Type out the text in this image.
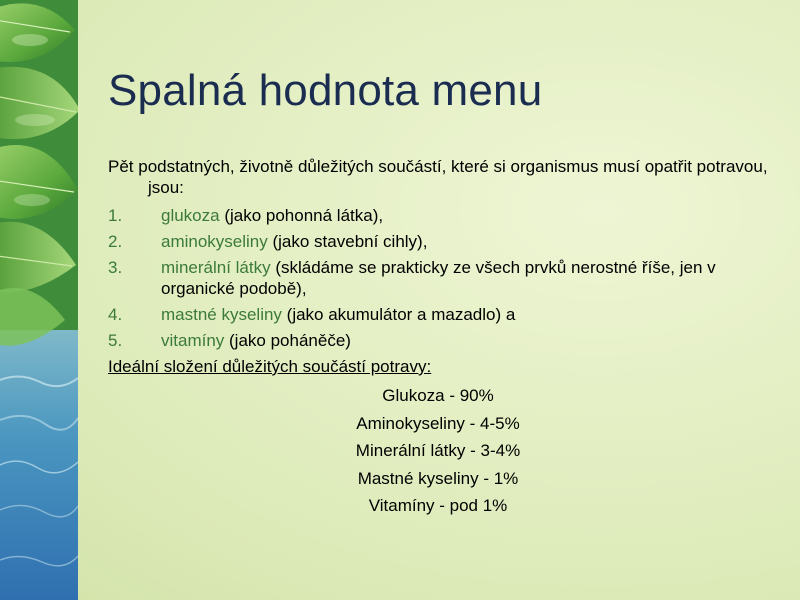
Spalná hodnota menu

Pět podstatných, životně důležitých součástí, které si organismus musí opatřit potravou, jsou:

1. glukoza (jako pohonná látka),
2. aminokyseliny (jako stavební cihly),
3. minerální látky (skládáme se prakticky ze všech prvků nerostné říše, jen v organické podobě),
4. mastné kyseliny (jako akumulátor a mazadlo) a
5. vitamíny (jako poháněče)

Ideální složení důležitých součástí potravy:

Glukoza - 90%
Aminokyseliny - 4-5%
Minerální látky - 3-4%
Mastné kyseliny - 1%
Vitamíny - pod 1%
